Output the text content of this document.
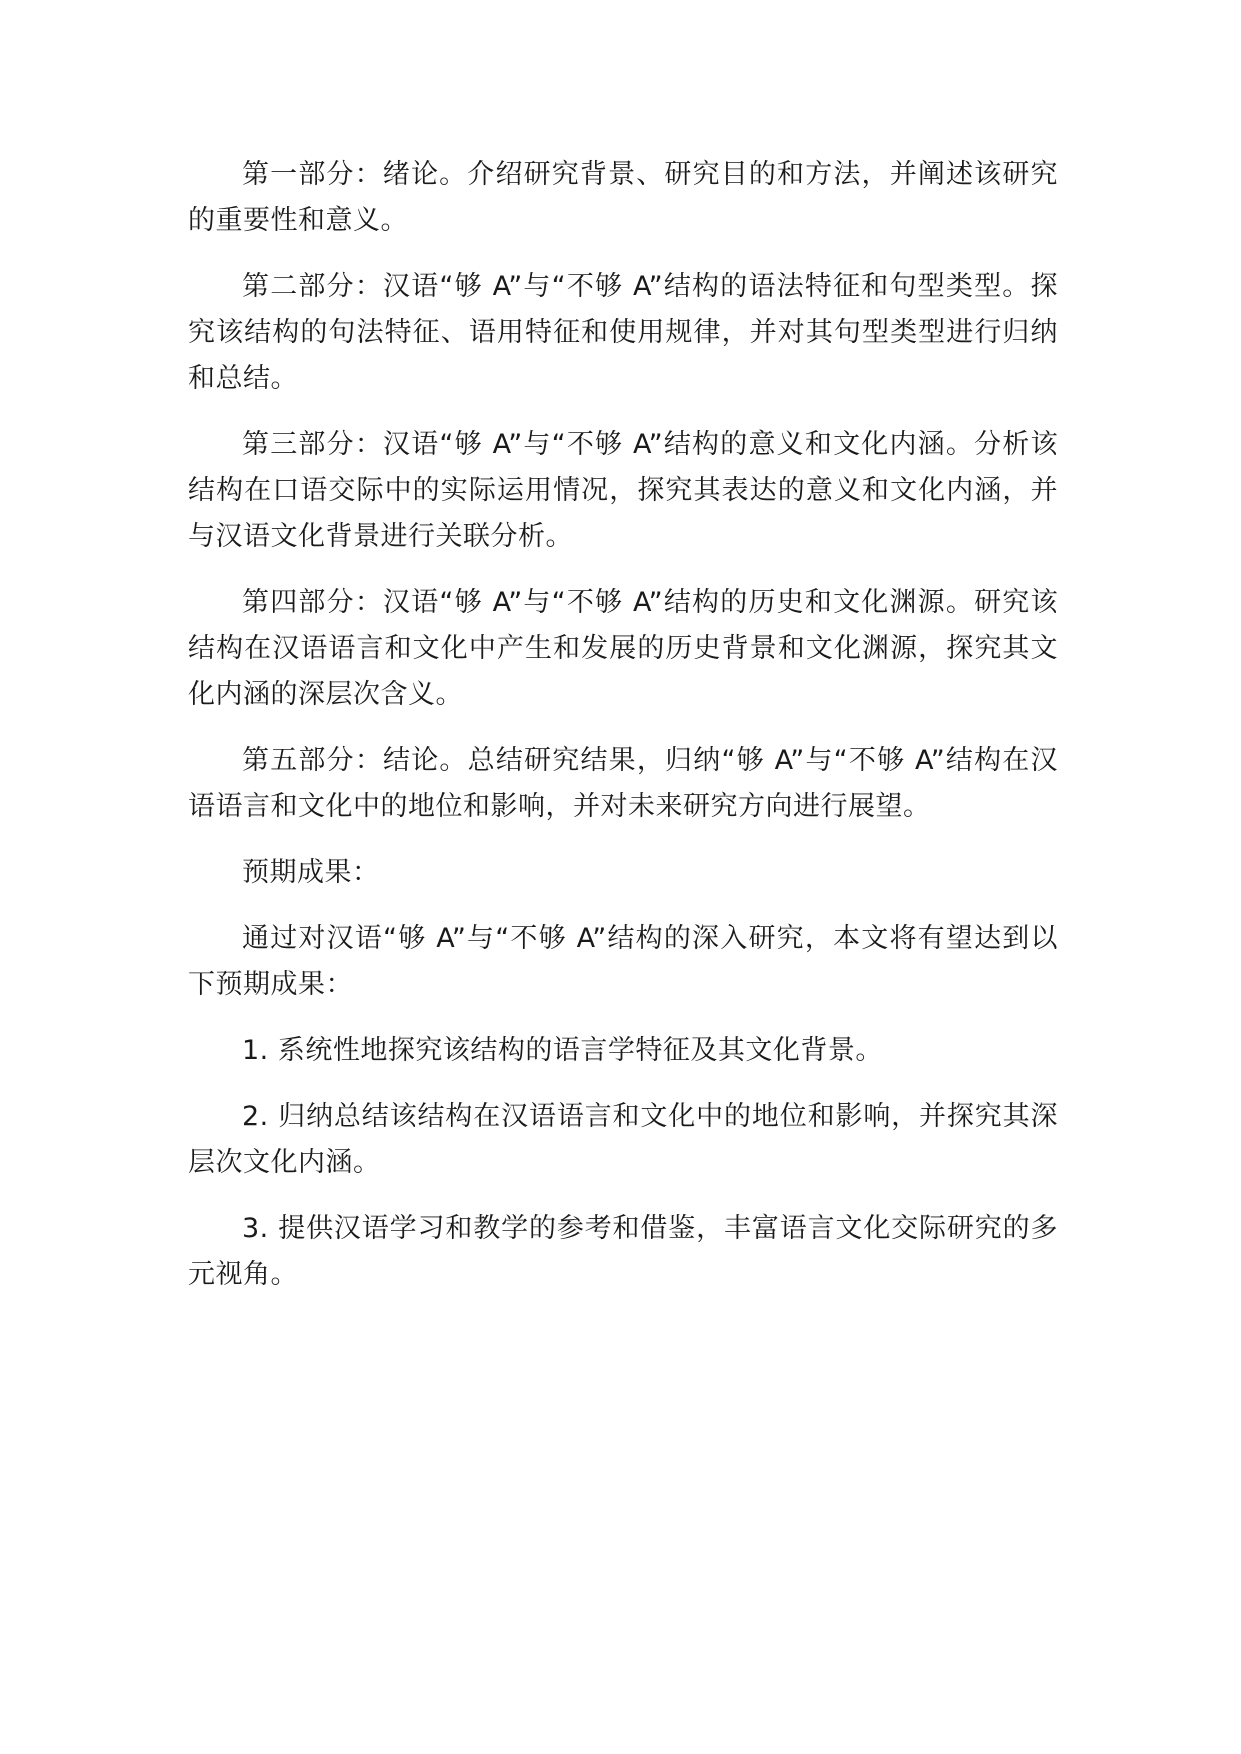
第一部分：绪论。介绍研究背景、研究目的和方法，并阐述该研究的重要性和意义。

第二部分：汉语“够 A”与“不够 A”结构的语法特征和句型类型。探究该结构的句法特征、语用特征和使用规律，并对其句型类型进行归纳和总结。

第三部分：汉语“够 A”与“不够 A”结构的意义和文化内涵。分析该结构在口语交际中的实际运用情况，探究其表达的意义和文化内涵，并与汉语文化背景进行关联分析。

第四部分：汉语“够 A”与“不够 A”结构的历史和文化渊源。研究该结构在汉语语言和文化中产生和发展的历史背景和文化渊源，探究其文化内涵的深层次含义。

第五部分：结论。总结研究结果，归纳“够 A”与“不够 A”结构在汉语语言和文化中的地位和影响，并对未来研究方向进行展望。

预期成果：

通过对汉语“够 A”与“不够 A”结构的深入研究，本文将有望达到以下预期成果：

1. 系统性地探究该结构的语言学特征及其文化背景。

2. 归纳总结该结构在汉语语言和文化中的地位和影响，并探究其深层次文化内涵。

3. 提供汉语学习和教学的参考和借鉴，丰富语言文化交际研究的多元视角。
